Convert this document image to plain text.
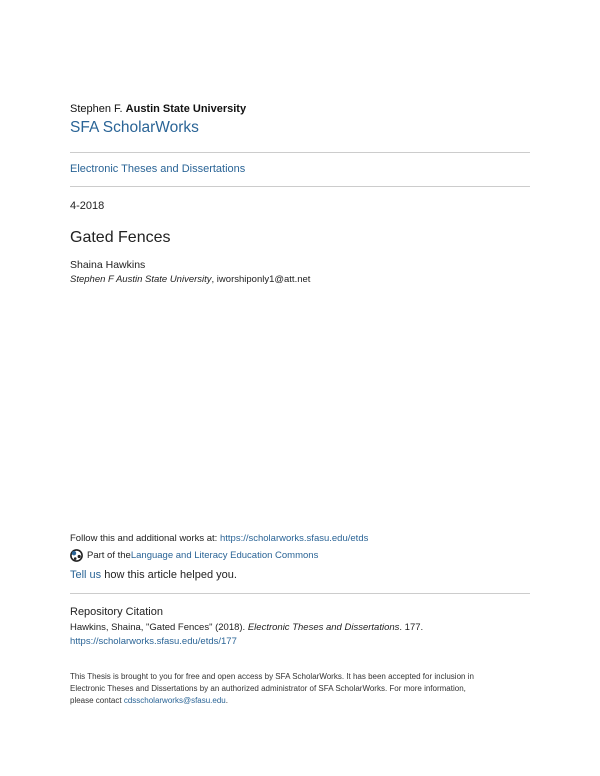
Stephen F. Austin State University
SFA ScholarWorks
Electronic Theses and Dissertations
4-2018
Gated Fences
Shaina Hawkins
Stephen F Austin State University, iworshiponly1@att.net
Follow this and additional works at: https://scholarworks.sfasu.edu/etds
Part of the Language and Literacy Education Commons
Tell us how this article helped you.
Repository Citation
Hawkins, Shaina, "Gated Fences" (2018). Electronic Theses and Dissertations. 177.
https://scholarworks.sfasu.edu/etds/177
This Thesis is brought to you for free and open access by SFA ScholarWorks. It has been accepted for inclusion in
Electronic Theses and Dissertations by an authorized administrator of SFA ScholarWorks. For more information,
please contact cdsscholarworks@sfasu.edu.
